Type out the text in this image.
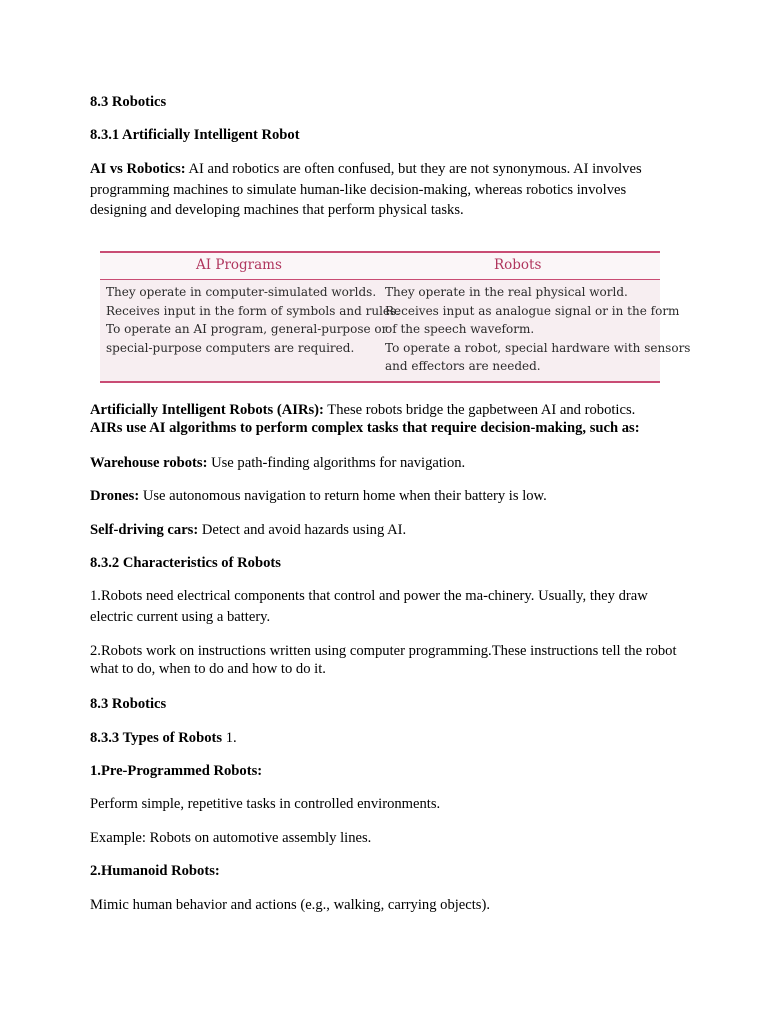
8.3 Robotics

8.3.1 Artificially Intelligent Robot

AI vs Robotics: AI and robotics are often confused, but they are not synonymous. AI involves programming machines to simulate human-like decision-making, whereas robotics involves designing and developing machines that perform physical tasks.

AI Programs	Robots
They operate in computer-simulated worlds.
Receives input in the form of symbols and rules.
To operate an AI program, general-purpose or
special-purpose computers are required.
They operate in the real physical world.
Receives input as analogue signal or in the form
of the speech waveform.
To operate a robot, special hardware with sensors
and effectors are needed.

Artificially Intelligent Robots (AIRs): These robots bridge the gapbetween AI and robotics.
AIRs use AI algorithms to perform complex tasks that require decision-making, such as:

Warehouse robots: Use path-finding algorithms for navigation.

Drones: Use autonomous navigation to return home when their battery is low.

Self-driving cars: Detect and avoid hazards using AI.

8.3.2 Characteristics of Robots

1.Robots need electrical components that control and power the ma-chinery. Usually, they draw electric current using a battery.

2.Robots work on instructions written using computer programming.These instructions tell the robot what to do, when to do and how to do it.

8.3 Robotics

8.3.3 Types of Robots 1.

1.Pre-Programmed Robots:

Perform simple, repetitive tasks in controlled environments.

Example: Robots on automotive assembly lines.

2.Humanoid Robots:

Mimic human behavior and actions (e.g., walking, carrying objects).
